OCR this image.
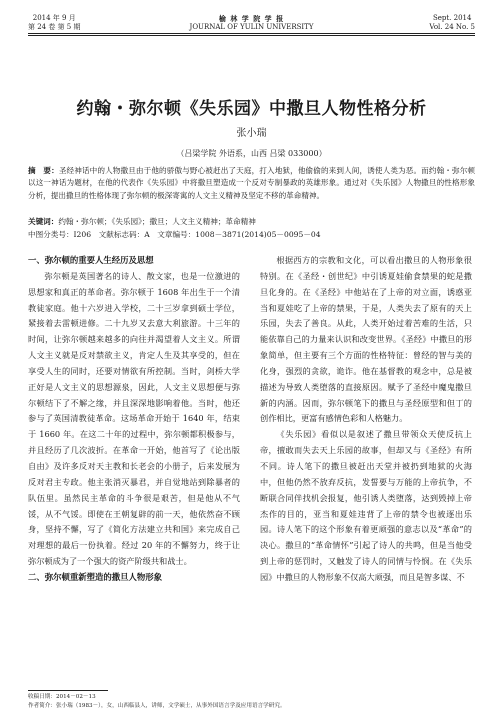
2014 年 9 月
第 24 卷 第 5 期
榆 林 学 院 学 报
JOURNAL OF YULIN UNIVERSITY
Sept. 2014
Vol. 24 No. 5
约翰・弥尔顿《失乐园》中撒旦人物性格分析
张小瑞
（吕梁学院 外语系，山西 吕梁 033000）
摘　要：圣经神话中的人物撒旦由于他的骄傲与野心被赶出了天庭，打入地狱，他偷偷的来到人间，诱使人类为恶。而约翰・弥尔顿以这一神话为题材，在他的代表作《失乐园》中将撒旦塑造成一个反对专制暴政的英雄形象。通过对《失乐园》人物撒旦的性格形象分析，提出撒旦的性格体现了弥尔顿的极深寄寓的人文主义精神及坚定不移的革命精神。
关键词：约翰・弥尔顿；《失乐园》；撒旦；人文主义精神；革命精神
中图分类号：I206　文献标志码：A　文章编号：1008－3871(2014)05－0095－04
一、弥尔顿的重要人生经历及思想

弥尔顿是英国著名的诗人、散文家，也是一位激进的思想家和真正的革命者。弥尔顿于 1608 年出生于一个清教徒家庭。他十六岁进入学校，二十三岁拿到硕士学位，紧接着去雷顿进修。二十九岁又去意大利旅游。十三年的时间，让弥尔顿越来越多的向往并渴望着人文主义。所谓人文主义就是反对禁欲主义，肯定人生及其享受的，但在享受人生的同时，还要对情欲有所控制。当时，剑桥大学正好是人文主义的思想源泉，因此，人文主义思想便与弥尔顿结下了不解之缘，并且深深地影响着他。当时，他还参与了英国清教徒革命。这场革命开始于 1640 年，结束于 1660 年。在这二十年的过程中，弥尔顿都积极参与，并且经历了几次波折。在革命一开始，他首写了《论出版自由》及许多反对天主教和长老会的小册子，后来发展为反对君主专政。他主张消灭暴君，并自觉地站到除暴者的队伍里。虽然民主革命的斗争很是艰苦，但是他从不气馁，从不气馁。即使在王朝复辟的前一天，他依然奋不顾身，坚持不懈，写了《简化方法建立共和国》来完成自己对理想的最后一份执着。经过 20 年的不懈努力，终于让弥尔顿成为了一个强大的资产阶级共和战士。

二、弥尔顿重新塑造的撒旦人物形象

根据西方的宗教和文化，可以看出撒旦的人物形象很特别。在《圣经・创世纪》中引诱夏娃偷食禁果的蛇是撒旦化身的。在《圣经》中他站在了上帝的对立面，诱惑亚当和夏娃吃了上帝的禁果，于是，人类失去了原有的天上乐园，失去了善良。从此，人类开始过着苦难的生活，只能依靠自己的力量来认识和改变世界。《圣经》中撒旦的形象简单，但主要有三个方面的性格特征：曾经的智与美的化身，强烈的贪欲，诡诈。他在基督教的观念中，总是被描述为导致人类堕落的直接原因。赋予了圣经中魔鬼撒旦新的内涵。因而，弥尔顿笔下的撒旦与圣经原型和但丁的创作相比，更富有感情色彩和人格魅力。

《失乐园》看似以是叙述了撒旦带领众天使反抗上帝，擅敢而失去天上乐园的故事，但却又与《圣经》有所不同。诗人笔下的撒旦被赶出天堂并被扔到地狱的火海中，但他仍然不放弃反抗，发誓要与万能的上帝抗争，不断联合同伴找机会报复，他引诱人类堕落，达到毁掉上帝杰作的目的，亚当和夏娃违背了上帝的禁令也被逐出乐园。诗人笔下的这个形象有着更顽强的意志以及“革命”的决心。撒旦的“革命情怀”引起了诗人的共鸣，但是当他受到上帝的惩罚时，又触发了诗人的同情与怜悯。在《失乐园》中撒旦的人物形象不仅高大顽强，而且是智多谋、不

收稿日期：2014－02－13
作者简介：张小瑞（1983－），女，山西临县人，讲师，文学硕士，从事外国语言学及应用语言学研究。
